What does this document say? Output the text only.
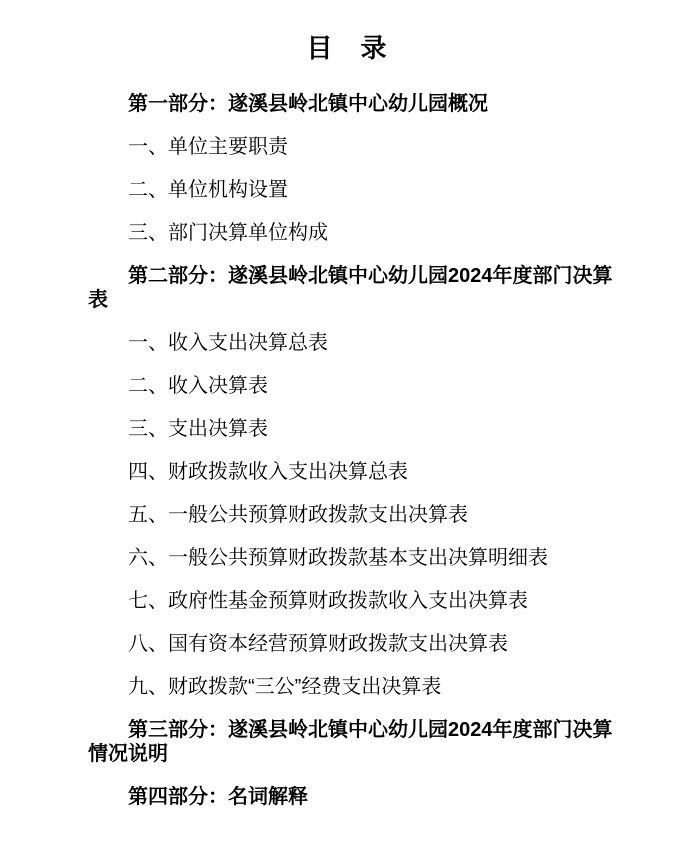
目　录

第一部分：遂溪县岭北镇中心幼儿园概况

一、单位主要职责

二、单位机构设置

三、部门决算单位构成

第二部分：遂溪县岭北镇中心幼儿园2024年度部门决算表

一、收入支出决算总表

二、收入决算表

三、支出决算表

四、财政拨款收入支出决算总表

五、一般公共预算财政拨款支出决算表

六、一般公共预算财政拨款基本支出决算明细表

七、政府性基金预算财政拨款收入支出决算表

八、国有资本经营预算财政拨款支出决算表

九、财政拨款“三公”经费支出决算表

第三部分：遂溪县岭北镇中心幼儿园2024年度部门决算情况说明

第四部分：名词解释
